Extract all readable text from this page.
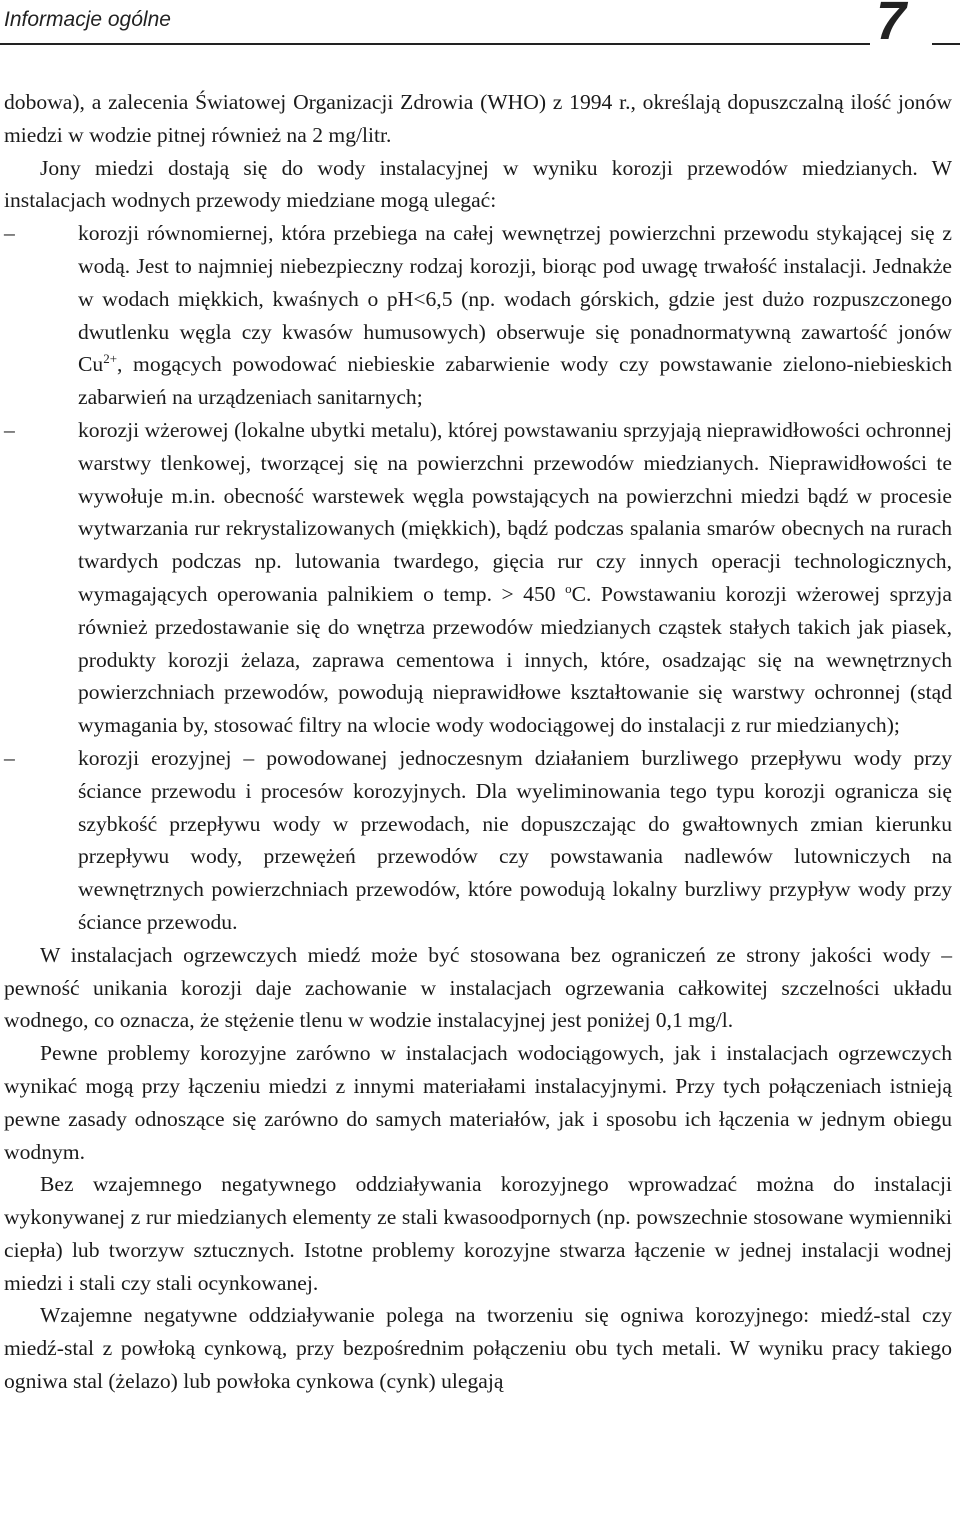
Informacje ogólne	7

dobowa), a zalecenia Światowej Organizacji Zdrowia (WHO) z 1994 r., określają dopuszczalną ilość jonów miedzi w wodzie pitnej również na 2 mg/litr.

Jony miedzi dostają się do wody instalacyjnej w wyniku korozji przewodów miedzianych. W instalacjach wodnych przewody miedziane mogą ulegać:

–	korozji równomiernej, która przebiega na całej wewnętrzej powierzchni przewodu stykającej się z wodą. Jest to najmniej niebezpieczny rodzaj korozji, biorąc pod uwagę trwałość instalacji. Jednakże w wodach miękkich, kwaśnych o pH<6,5 (np. wodach górskich, gdzie jest dużo rozpuszczonego dwutlenku węgla czy kwasów humusowych) obserwuje się ponadnormatywną zawartość jonów $Cu^{2+}$, mogących powodować niebieskie zabarwienie wody czy powstawanie zielono-niebieskich zabarwień na urządzeniach sanitarnych;
–	korozji wżerowej (lokalne ubytki metalu), której powstawaniu sprzyjają nieprawidłowości ochronnej warstwy tlenkowej, tworzącej się na powierzchni przewodów miedzianych. Nieprawidłowości te wywołuje m.in. obecność warstewek węgla powstających na powierzchni miedzi bądź w procesie wytwarzania rur rekrystalizowanych (miękkich), bądź podczas spalania smarów obecnych na rurach twardych podczas np. lutowania twardego, gięcia rur czy innych operacji technologicznych, wymagających operowania palnikiem o temp. > 450 $^o$C. Powstawaniu korozji wżerowej sprzyja również przedostawanie się do wnętrza przewodów miedzianych cząstek stałych takich jak piasek, produkty korozji żelaza, zaprawa cementowa i innych, które, osadzając się na wewnętrznych powierzchniach przewodów, powodują nieprawidłowe kształtowanie się warstwy ochronnej (stąd wymagania by, stosować filtry na wlocie wody wodociągowej do instalacji z rur miedzianych);
–	korozji erozyjnej – powodowanej jednoczesnym działaniem burzliwego przepływu wody przy ściance przewodu i procesów korozyjnych. Dla wyeliminowania tego typu korozji ogranicza się szybkość przepływu wody w przewodach, nie dopuszczając do gwałtownych zmian kierunku przepływu wody, przewężeń przewodów czy powstawania nadlewów lutowniczych na wewnętrznych powierzchniach przewodów, które powodują lokalny burzliwy przypływ wody przy ściance przewodu.

W instalacjach ogrzewczych miedź może być stosowana bez ograniczeń ze strony jakości wody – pewność unikania korozji daje zachowanie w instalacjach ogrzewania całkowitej szczelności układu wodnego, co oznacza, że stężenie tlenu w wodzie instalacyjnej jest poniżej 0,1 mg/l.

Pewne problemy korozyjne zarówno w instalacjach wodociągowych, jak i instalacjach ogrzewczych wynikać mogą przy łączeniu miedzi z innymi materiałami instalacyjnymi. Przy tych połączeniach istnieją pewne zasady odnoszące się zarówno do samych materiałów, jak i sposobu ich łączenia w jednym obiegu wodnym.

Bez wzajemnego negatywnego oddziaływania korozyjnego wprowadzać można do instalacji wykonywanej z rur miedzianych elementy ze stali kwasoodpornych (np. powszechnie stosowane wymienniki ciepła) lub tworzyw sztucznych. Istotne problemy korozyjne stwarza łączenie w jednej instalacji wodnej miedzi i stali czy stali ocynkowanej.

Wzajemne negatywne oddziaływanie polega na tworzeniu się ogniwa korozyjnego: miedź-stal czy miedź-stal z powłoką cynkową, przy bezpośrednim połączeniu obu tych metali. W wyniku pracy takiego ogniwa stal (żelazo) lub powłoka cynkowa (cynk) ulegają
